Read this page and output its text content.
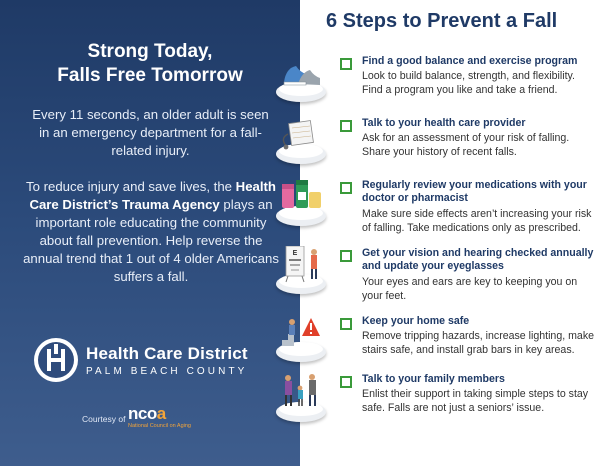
Strong Today,
Falls Free Tomorrow
Every 11 seconds, an older adult is seen in an emergency department for a fall-related injury.
To reduce injury and save lives, the Health Care District’s Trauma Agency plays an important role educating the community about fall prevention. Help reverse the annual trend that 1 out of 4 older Americans suffers a fall.
Health Care District
PALM BEACH COUNTY
Courtesy of ncoa
National Council on Aging
6 Steps to Prevent a Fall
Find a good balance and exercise program
Look to build balance, strength, and flexibility. Find a program you like and take a friend.
Talk to your health care provider
Ask for an assessment of your risk of falling. Share your history of recent falls.
Regularly review your medications with your doctor or pharmacist
Make sure side effects aren’t increasing your risk of falling. Take medications only as prescribed.
E	Get your vision and hearing checked annually and update your eyeglasses
Your eyes and ears are key to keeping you on your feet.
Keep your home safe
Remove tripping hazards, increase lighting, make stairs safe, and install grab bars in key areas.
Talk to your family members
Enlist their support in taking simple steps to stay safe. Falls are not just a seniors’ issue.
